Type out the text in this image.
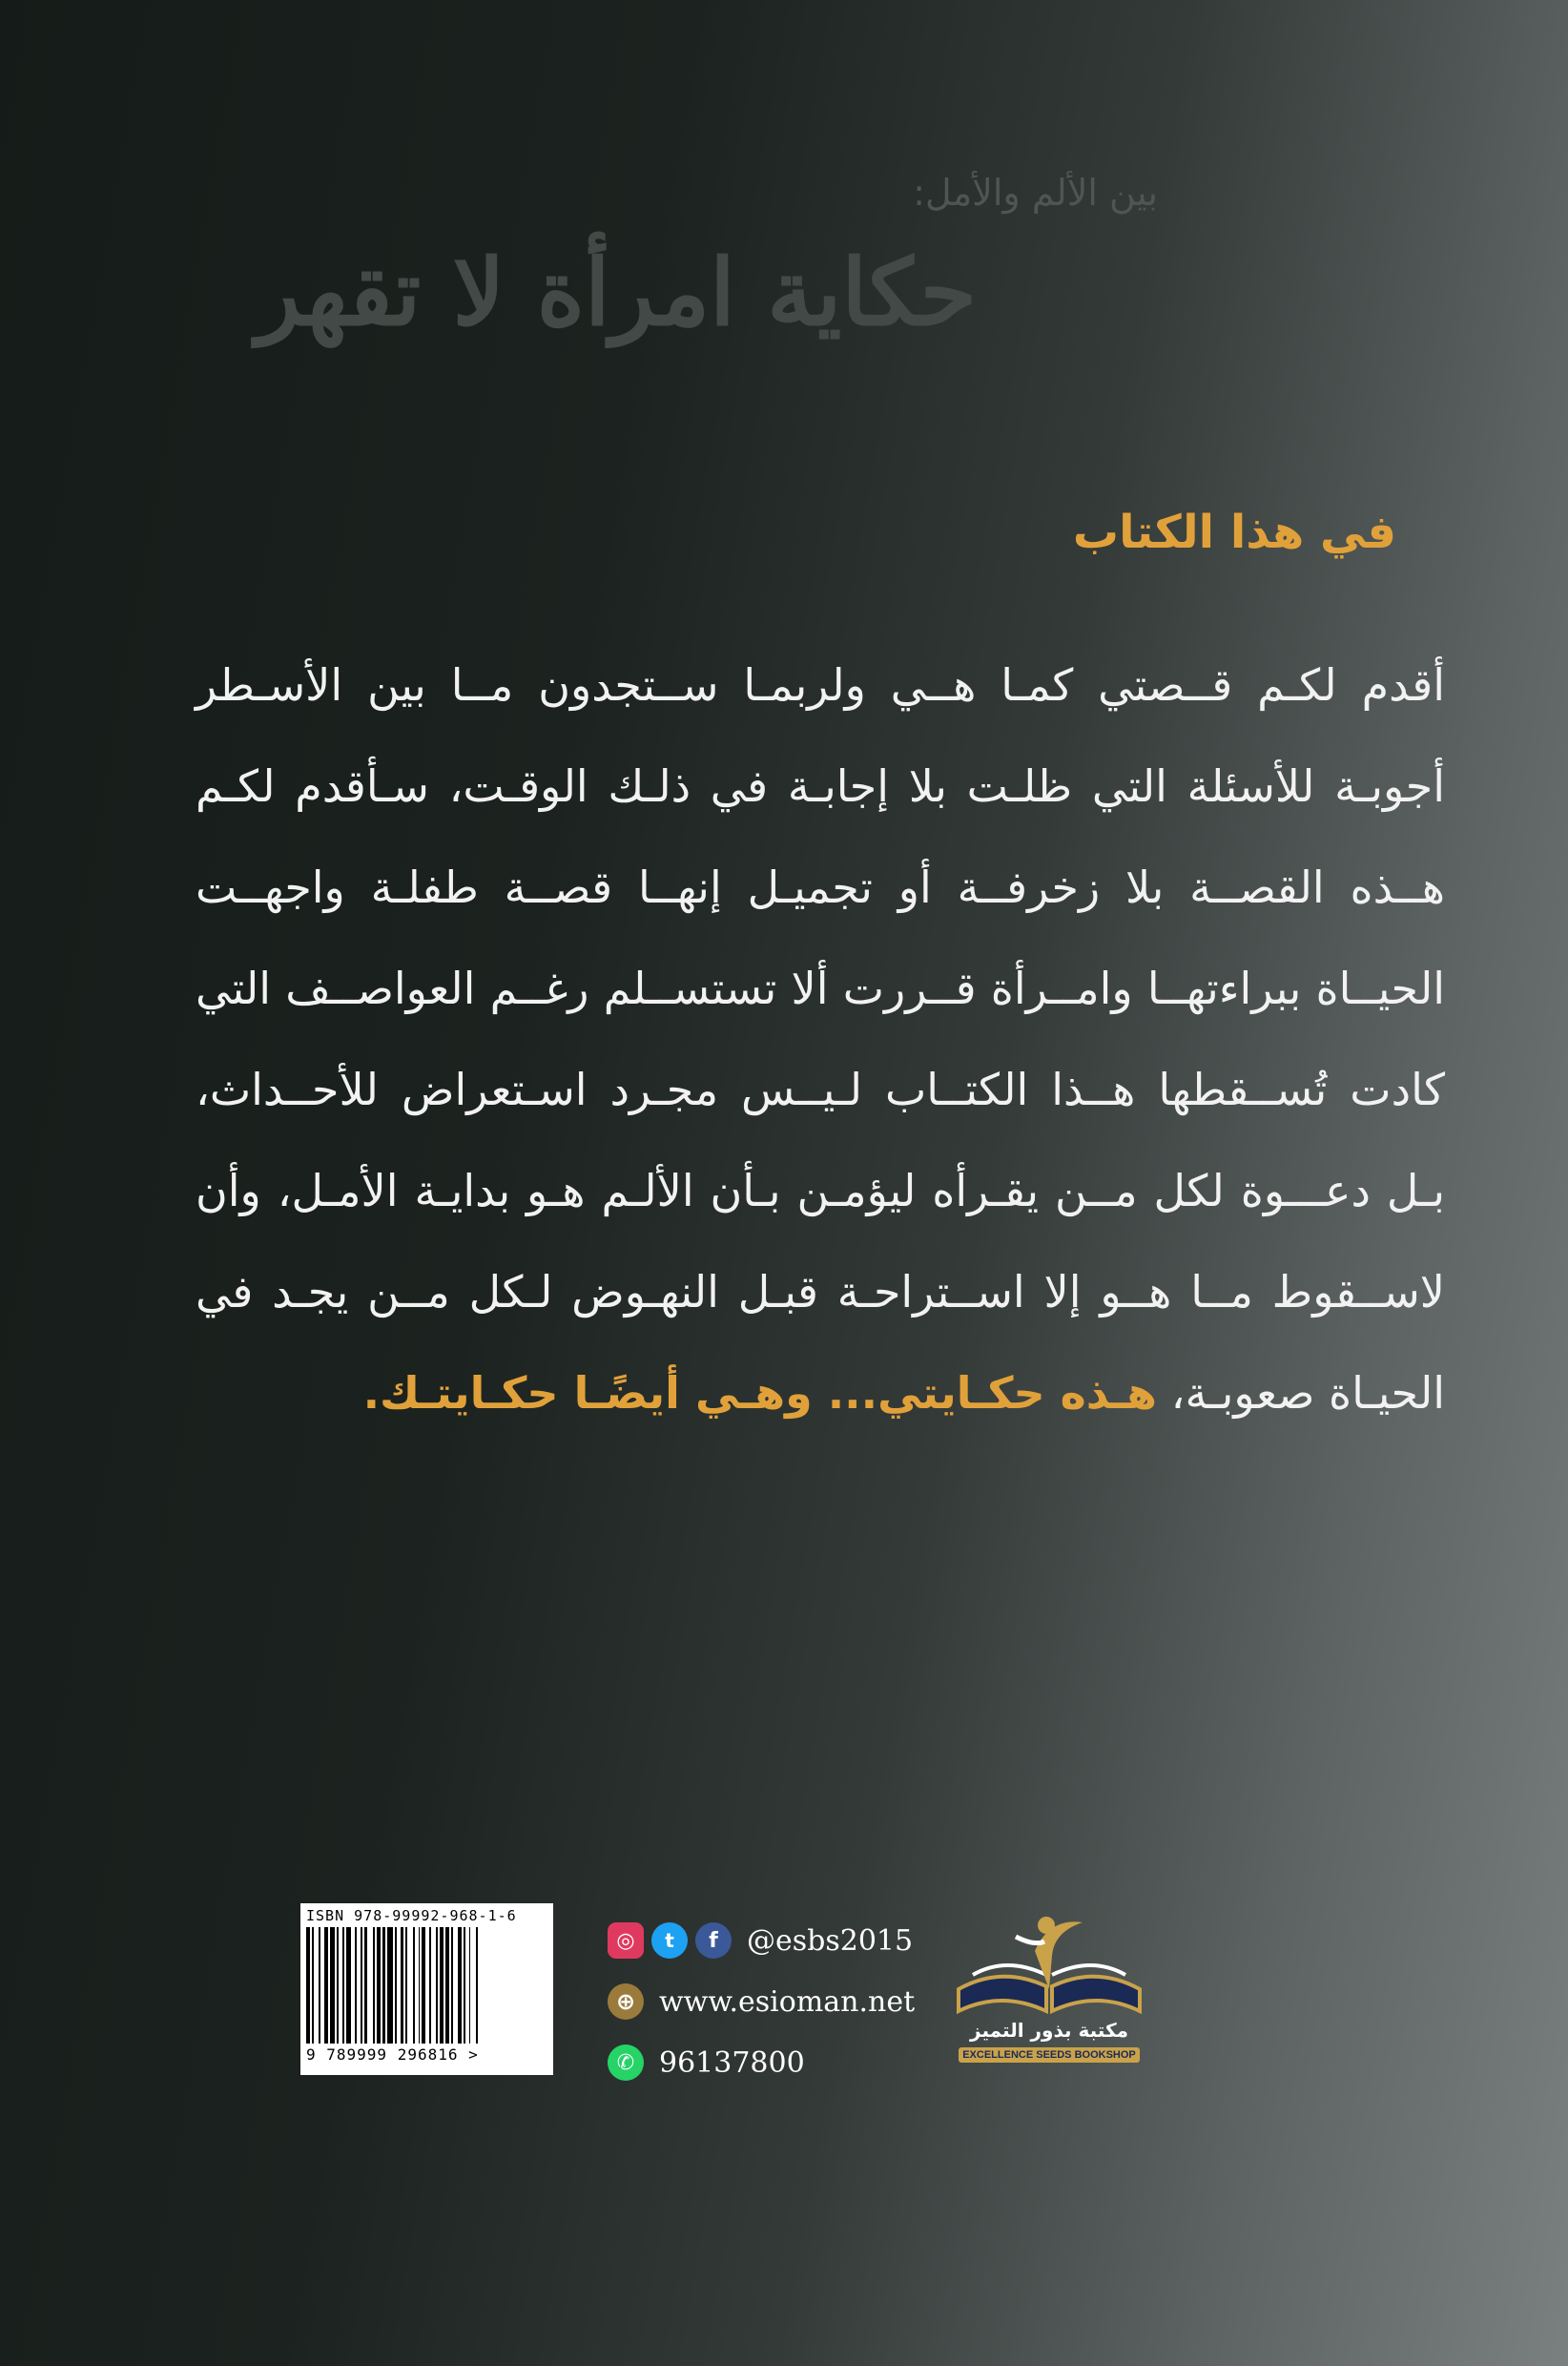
بين الألم والأمل:
حكاية امرأة لا تقهر
في هذا الكتاب
أقدم لكـم قــصتي كمـا هــي ولربمـا ســتجدون مــا بين الأسـطر
أجوبـة للأسئلة التي ظلـت بلا إجابـة في ذلـك الوقـت، سـأقدم لكـم
هــذه القصــة بلا زخرفــة أو تجميـل إنهــا قصــة طفلـة واجهــت
الحيــاة ببراءتهــا وامــرأة قــررت ألا تستســلم رغــم العواصــف التي
كادت تُســقطها هــذا الكتــاب لـيــس مجـرد اسـتعراض للأحــداث،
بـل دعـــوة لكل مــن يقـرأه ليؤمـن بـأن الألـم هـو بدايـة الأمـل، وأن
لاســقوط مــا هــو إلا اســتراحـة قبـل النهـوض لـكل مــن يجـد في
الحيـاة صعوبـة، هـذه حكـايتي... وهـي أيضًـا حكـايتـك.
ISBN 978-99992-968-1-6
9 789999 296816 >
◎	t	f	@esbs2015
⊕ www.esioman.net
✆ 96137800
مكتبة بذور التميز
EXCELLENCE SEEDS BOOKSHOP
